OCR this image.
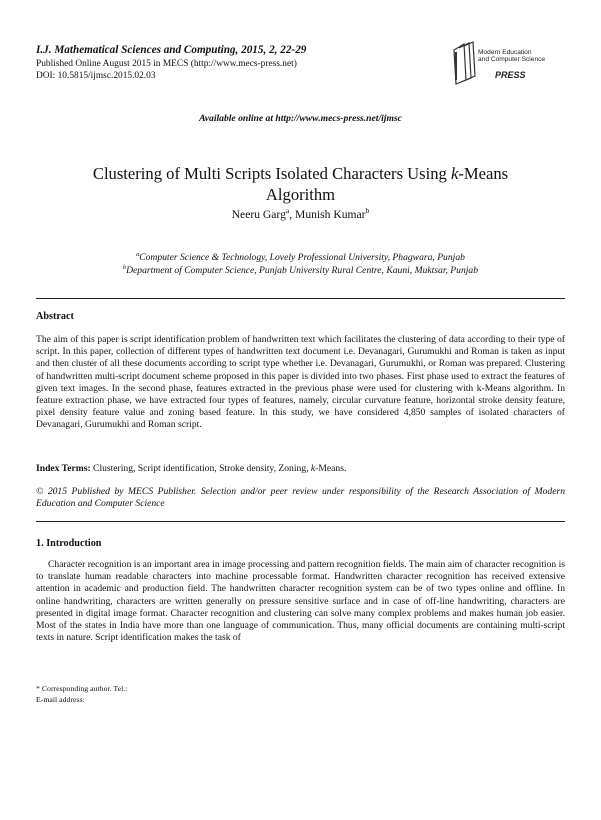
I.J. Mathematical Sciences and Computing, 2015, 2, 22-29
Published Online August 2015 in MECS (http://www.mecs-press.net)
DOI: 10.5815/ijmsc.2015.02.03
Modern Education
and Computer Science
PRESS
Available online at http://www.mecs-press.net/ijmsc
Clustering of Multi Scripts Isolated Characters Using k-Means Algorithm
Neeru Garg$^a$, Munish Kumar$^b$
$^a$Computer Science & Technology, Lovely Professional University, Phagwara, Punjab
$^b$Department of Computer Science, Punjab University Rural Centre, Kauni, Muktsar, Punjab
Abstract
The aim of this paper is script identification problem of handwritten text which facilitates the clustering of data according to their type of script. In this paper, collection of different types of handwritten text document i.e. Devanagari, Gurumukhi and Roman is taken as input and then cluster of all these documents according to script type whether i.e. Devanagari, Gurumukhi, or Roman was prepared. Clustering of handwritten multi-script document scheme proposed in this paper is divided into two phases. First phase used to extract the features of given text images. In the second phase, features extracted in the previous phase were used for clustering with k-Means algorithm. In feature extraction phase, we have extracted four types of features, namely, circular curvature feature, horizontal stroke density feature, pixel density feature value and zoning based feature. In this study, we have considered 4,850 samples of isolated characters of Devanagari, Gurumukhi and Roman script.
Index Terms: Clustering, Script identification, Stroke density, Zoning, k-Means.
© 2015 Published by MECS Publisher. Selection and/or peer review under responsibility of the Research Association of Modern Education and Computer Science
1. Introduction
Character recognition is an important area in image processing and pattern recognition fields. The main aim of character recognition is to translate human readable characters into machine processable format. Handwritten character recognition has received extensive attention in academic and production field. The handwritten character recognition system can be of two types online and offline. In online handwriting, characters are written generally on pressure sensitive surface and in case of off-line handwriting, characters are presented in digital image format. Character recognition and clustering can solve many complex problems and makes human job easier. Most of the states in India have more than one language of communication. Thus, many official documents are containing multi-script texts in nature. Script identification makes the task of
* Corresponding author. Tel.:
E-mail address:
